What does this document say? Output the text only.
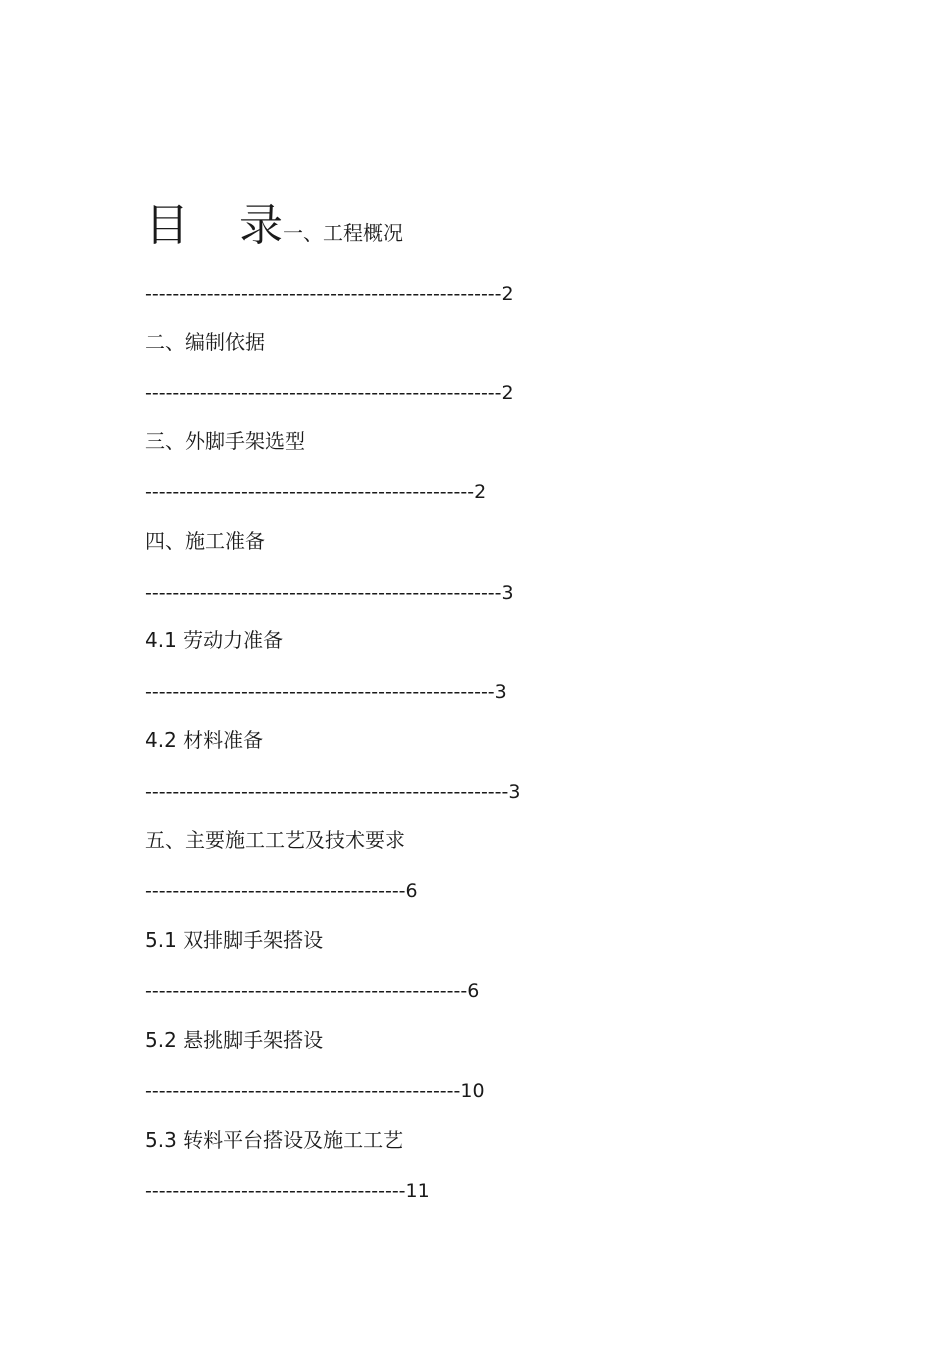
目 录一、工程概况
----------------------------------------------------2
二、编制依据
----------------------------------------------------2
三、外脚手架选型
------------------------------------------------2
四、施工准备
----------------------------------------------------3
4.1 劳动力准备
---------------------------------------------------3
4.2 材料准备
-----------------------------------------------------3
五、主要施工工艺及技术要求
--------------------------------------6
5.1 双排脚手架搭设
-----------------------------------------------6
5.2 悬挑脚手架搭设
----------------------------------------------10
5.3 转料平台搭设及施工工艺
--------------------------------------11
